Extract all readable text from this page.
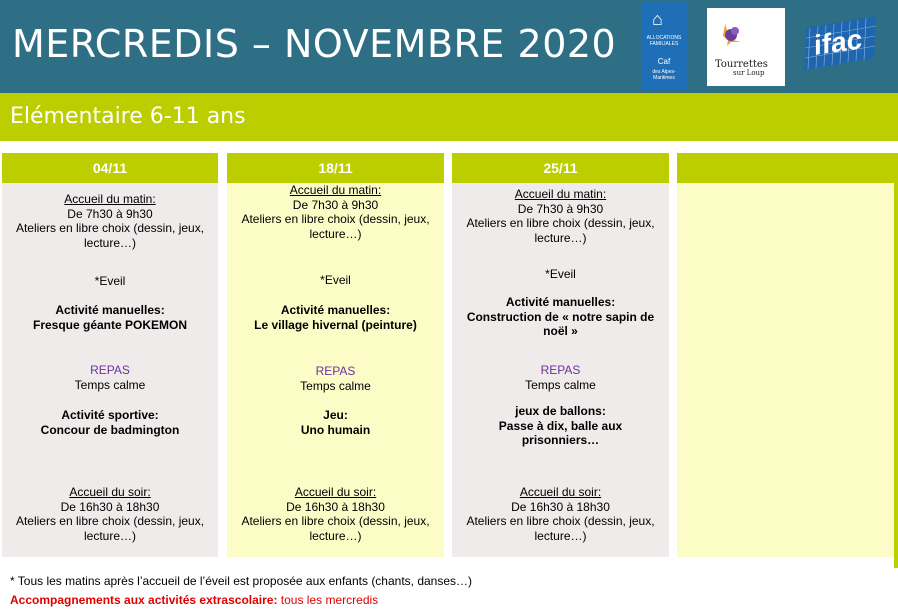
MERCREDIS – NOVEMBRE 2020
⌂
ALLOCATIONS FAMILIALES
Caf
des Alpes-Maritimes
Tourrettes
sur Loup
ifac
Elémentaire 6-11 ans
04/11
Accueil du matin:
De 7h30 à 9h30
Ateliers en libre choix (dessin, jeux,
lecture…)
*Eveil
Activité manuelles:
Fresque géante POKEMON
REPAS
Temps calme
Activité sportive:
Concour de badmington
Accueil du soir:
De 16h30 à 18h30
Ateliers en libre choix (dessin, jeux,
lecture…)
18/11
Accueil du matin:
De 7h30 à 9h30
Ateliers en libre choix (dessin, jeux,
lecture…)
*Eveil
Activité manuelles:
Le village hivernal (peinture)
REPAS
Temps calme
Jeu:
Uno humain
Accueil du soir:
De 16h30 à 18h30
Ateliers en libre choix (dessin, jeux,
lecture…)
25/11
Accueil du matin:
De 7h30 à 9h30
Ateliers en libre choix (dessin, jeux,
lecture…)
*Eveil
Activité manuelles:
Construction de « notre sapin de
noël »
REPAS
Temps calme
jeux de ballons:
Passe à dix, balle aux
prisonniers…
Accueil du soir:
De 16h30 à 18h30
Ateliers en libre choix (dessin, jeux,
lecture…)
* Tous les matins après l’accueil de l’éveil est proposée aux enfants (chants, danses…)
Accompagnements aux activités extrascolaire: tous les mercredis
